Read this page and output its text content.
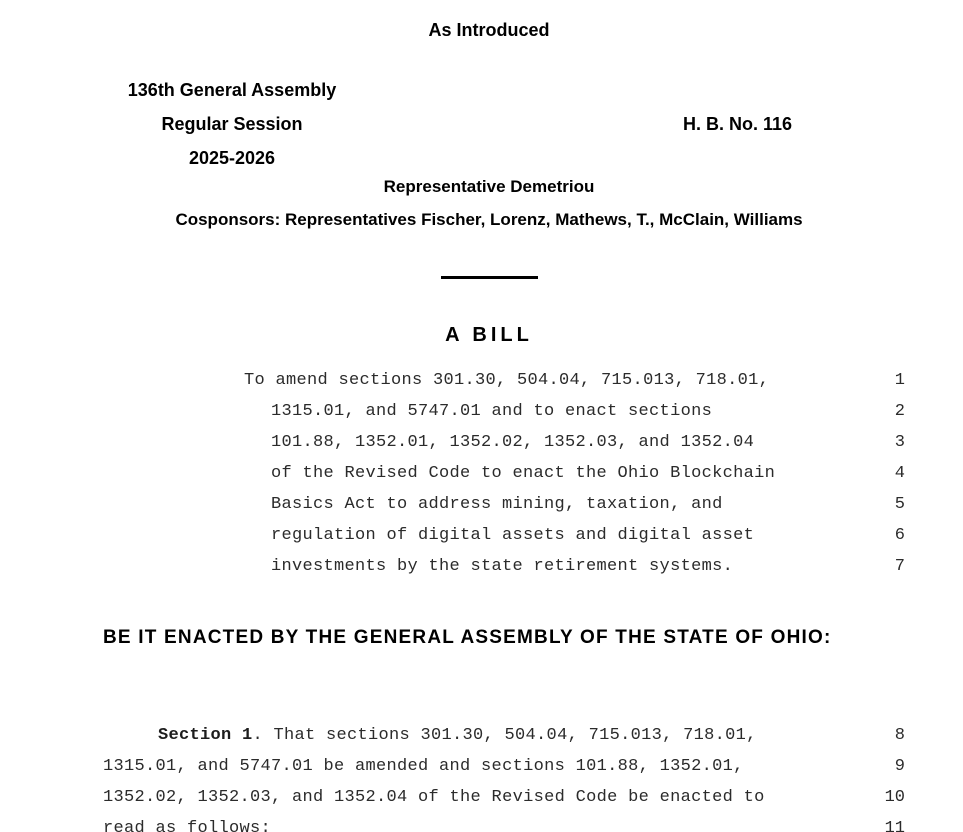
As Introduced
136th General Assembly
Regular Session
2025-2026
H. B. No. 116
Representative Demetriou
Cosponsors: Representatives Fischer, Lorenz, Mathews, T., McClain, Williams
A BILL
To amend sections 301.30, 504.04, 715.013, 718.01,	1
1315.01, and 5747.01 and to enact sections	2
101.88, 1352.01, 1352.02, 1352.03, and 1352.04	3
of the Revised Code to enact the Ohio Blockchain	4
Basics Act to address mining, taxation, and	5
regulation of digital assets and digital asset	6
investments by the state retirement systems.	7
BE IT ENACTED BY THE GENERAL ASSEMBLY OF THE STATE OF OHIO:
Section 1. That sections 301.30, 504.04, 715.013, 718.01,	8
1315.01, and 5747.01 be amended and sections 101.88, 1352.01,	9
1352.02, 1352.03, and 1352.04 of the Revised Code be enacted to	10
read as follows:	11
